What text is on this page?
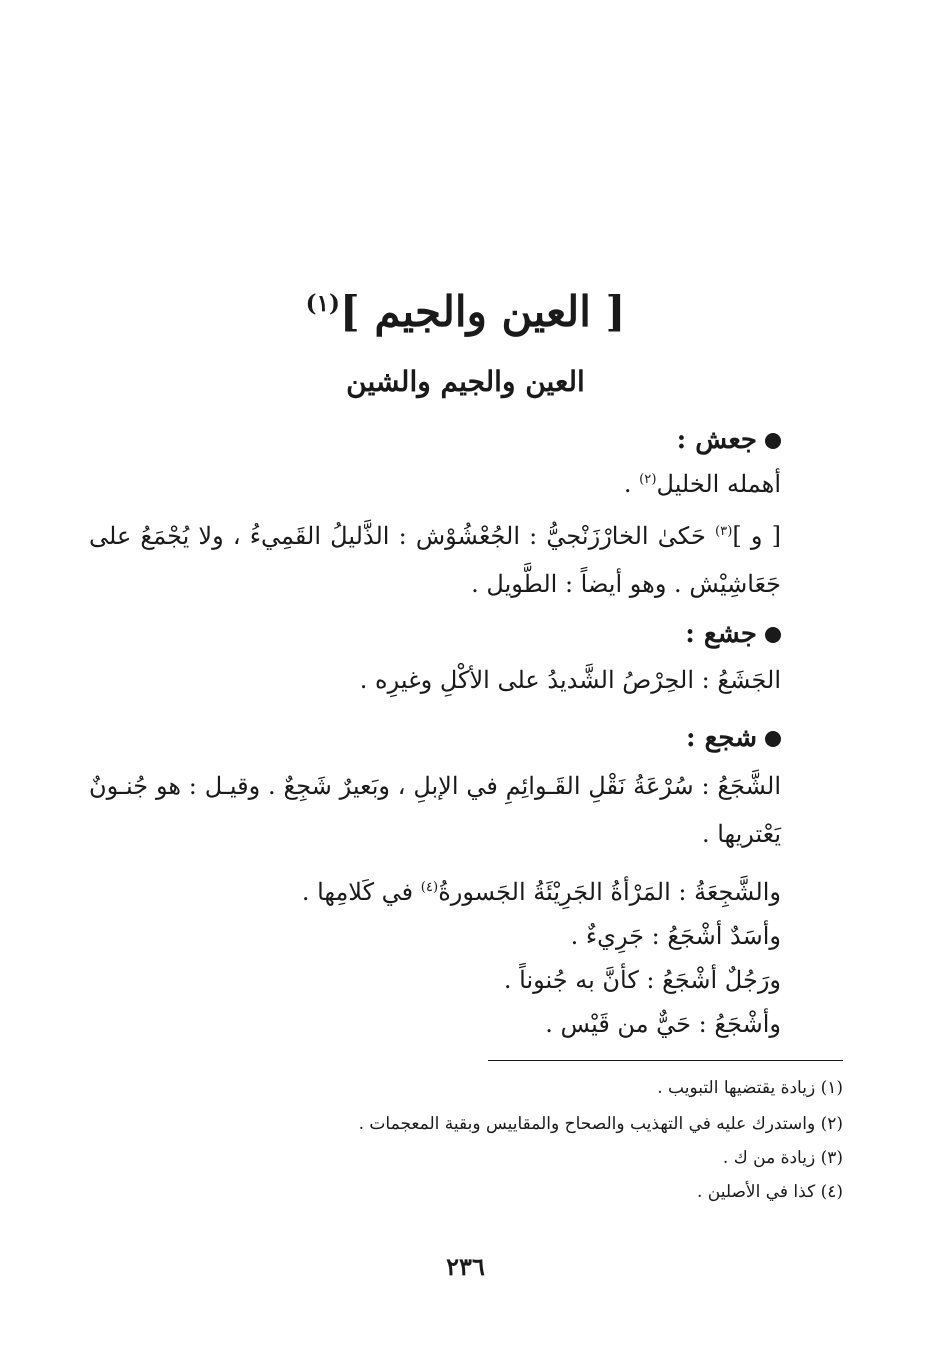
[ العين والجيم ]$^{(١)}$
العين والجيم والشين
جعش :
أهمله الخليل$^{(٢)}$ .
[ و ]$^{(٣)}$ حَكىٰ الخارْزَنْجيُّ : الجُعْشُوْش : الذَّليلُ القَمِيءُ ، ولا يُجْمَعُ على جَعَاشِيْش . وهو أيضاً : الطَّويل .
جشع :
الجَشَعُ : الحِرْصُ الشَّديدُ على الأكْلِ وغيرِه .
شجع :
الشَّجَعُ : سُرْعَةُ نَقْلِ القَـوائِمِ في الإبلِ ، وبَعيرٌ شَجِعٌ . وقيـل : هو جُنـونٌ يَعْتريها .
والشَّجِعَةُ : المَرْأةُ الجَرِيْئَةُ الجَسورةُ$^{(٤)}$ في كَلامِها .
وأسَدٌ أشْجَعُ : جَرِيءٌ .
ورَجُلٌ أشْجَعُ : كأنَّ به جُنوناً .
وأشْجَعُ : حَيٌّ من قَيْس .
(١) زيادة يقتضيها التبويب .
(٢) واستدرك عليه في التهذيب والصحاح والمقاييس وبقية المعجمات .
(٣) زيادة من ك .
(٤) كذا في الأصلين .
٢٣٦
